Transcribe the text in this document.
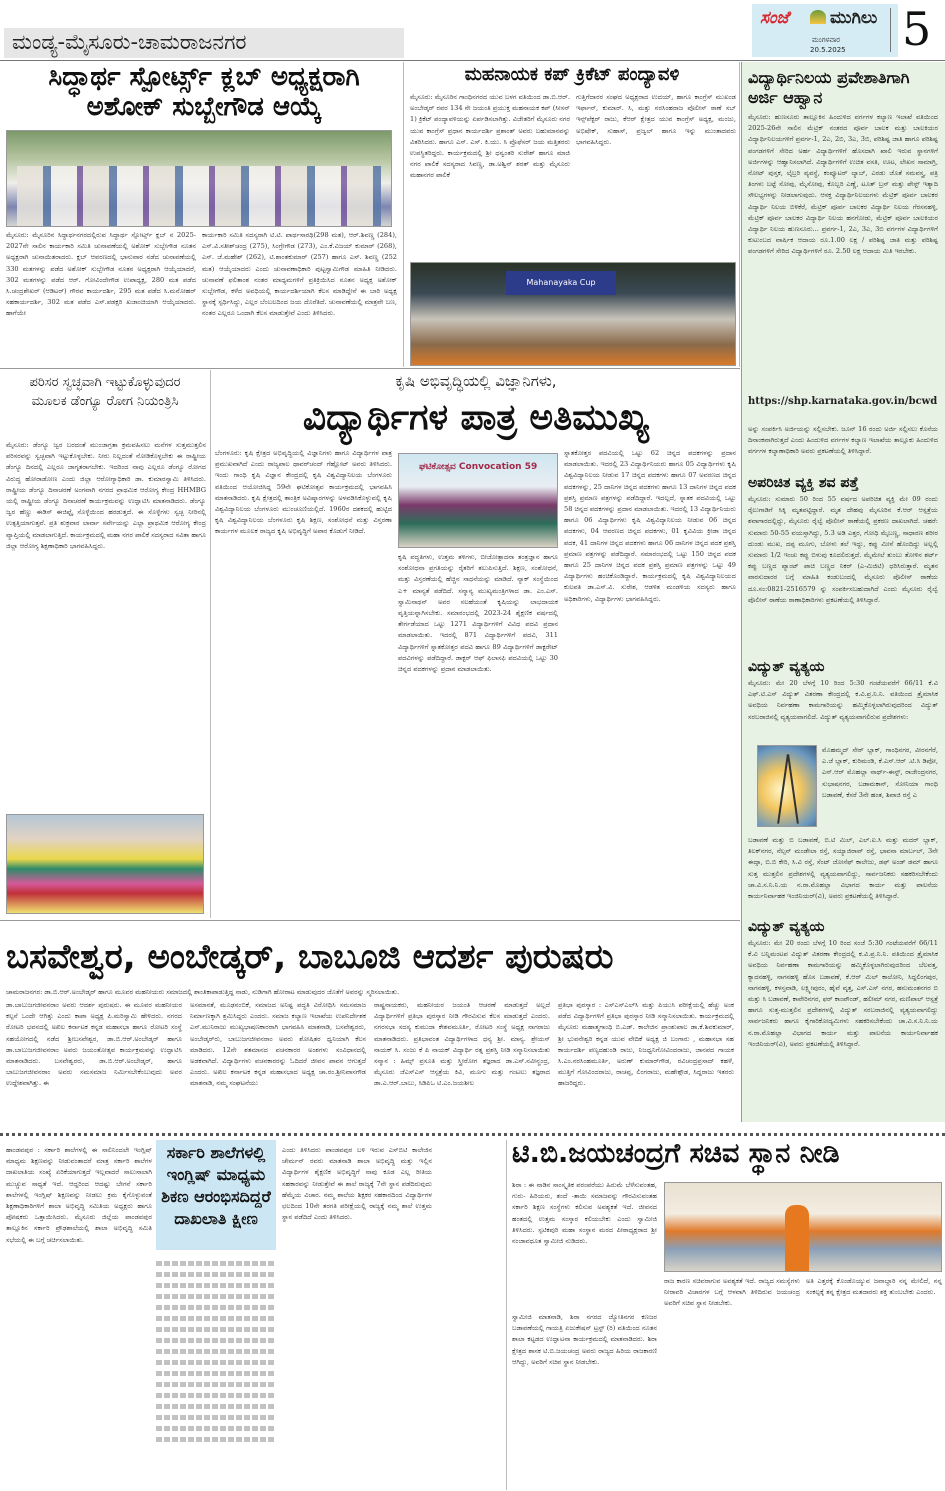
ಮಂಡ್ಯ-ಮೈಸೂರು-ಚಾಮರಾಜನಗರ
ಸಂಜೆ ಮುಗಿಲು
ಮಂಗಳವಾರ
20.5.2025 5
ಸಿದ್ಧಾರ್ಥ ಸ್ಪೋರ್ಟ್ಸ್ ಕ್ಲಬ್ ಅಧ್ಯಕ್ಷರಾಗಿ ಅಶೋಕ್ ಸುಬ್ಬೇಗೌಡ ಆಯ್ಕೆ
ಮೈಸೂರು: ಮೈಸೂರಿನ ಸಿದ್ಧಾರ್ಥನಗರದಲ್ಲಿರುವ ಸಿದ್ಧಾರ್ಥ ಸ್ಪೋರ್ಟ್ಸ್ ಕ್ಲಬ್ ನ 2025-2027ನೇ ಸಾಲಿನ ಕಾರ್ಯಕಾರಿ ಸಮಿತಿ ಚುನಾವಣೆಯಲ್ಲಿ ಅಶೋಕ್ ಸುಬ್ಬೇಗೌಡ ನೂತನ ಅಧ್ಯಕ್ಷರಾಗಿ ಚುನಾಯಿತರಾದರು. ಕ್ಲಬ್ ಆವರಣದಲ್ಲಿ ಭಾನುವಾರ ನಡೆದ ಚುನಾವಣೆಯಲ್ಲಿ 330 ಮತಗಳನ್ನು ಪಡೆದ ಅಶೋಕ್ ಸುಬ್ಬೇಗೌಡ ನೂತನ ಅಧ್ಯಕ್ಷರಾಗಿ ಆಯ್ಕೆಯಾದರೆ, 302 ಮತಗಳನ್ನು ಪಡೆದ ಆರ್. ಗೋವಿಂದೇಗೌಡ ಉಪಾಧ್ಯಕ್ಷ, 280 ಮತ ಪಡೆದ ಸಿ.ಚಂದ್ರಶೇಖರ್ (ಆಡಿಟರ್) ಗೌರವ ಕಾರ್ಯದರ್ಶಿ, 295 ಮತ ಪಡೆದ ಸಿ.ಮನೋಹರ್ ಸಹಕಾರ್ಯದರ್ಶಿ, 302 ಮತ ಪಡೆದ ಎಸ್.ಪಡಕ್ಷರಿ ಖಜಾಂಚಿಯಾಗಿ ಆಯ್ಕೆಯಾದರು. ಹಾಗೆಯೇ
ಕಾರ್ಯಕಾರಿ ಸಮಿತಿ ಸದಸ್ಯರಾಗಿ ಟಿ.ಟಿ. ಪಾರ್ಥಸಾರಥಿ(298 ಮತ), ಆರ್.ಶಿವಣ್ಣ (284), ಎಸ್.ವಿ.ಸತೀಶ್‌ಚಂದ್ರ (275), ಸಿಂಗ್ರೇಗೌಡ (273), ಎಂ.ಕೆ.ವಿಜಯ್ ಕುಮಾರ್ (268), ಎಸ್. ಜೆ.ಮಹೇಶ್ (262), ಟಿ.ಶಾಂತಕುಮಾರ್ (257) ಹಾಗೂ ಎಸ್. ಶಿವಣ್ಣ (252 ಮತ) ಆಯ್ಕೆಯಾದರು ಎಂದು ಚುನಾವಣಾಧಿಕಾರಿ ಪುಟ್ಟಸ್ವಾಮಿಗೌಡ ಮಾಹಿತಿ ನೀಡಿದರು. ಚುನಾವಣೆ ಫಲಿತಾಂಶ ನಂತರ ಮಾಧ್ಯಮಗಳಿಗೆ ಪ್ರತಿಕ್ರಿಯಿಸಿದ ನೂತನ ಅಧ್ಯಕ್ಷ ಅಶೋಕ್ ಸುಬ್ಬೇಗೌಡ, ಕಳೆದ ಅವಧಿಯಲ್ಲಿ ಕಾರ್ಯದರ್ಶಿಯಾಗಿ ಕೆಲಸ ಮಾಡಿದ್ದೇನೆ ಈ ಬಾರಿ ಅಧ್ಯಕ್ಷ ಸ್ಥಾನಕ್ಕೆ ಸ್ಪರ್ಧಿಸಿದ್ದು, ಎಲ್ಲರ ಬೆಂಬಲದಿಂದ ಜಯ ದೊರೆತಿದೆ. ಚುನಾವಣೆಯಲ್ಲಿ ಮಾತ್ರವೇ ಬಣ, ನಂತರ ಎಲ್ಲರೂ ಒಂದಾಗಿ ಕೆಲಸ ಮಾಡುತ್ತೇವೆ ಎಂದು ತಿಳಿಸಿದರು.
ಮಹನಾಯಕ ಕಪ್ ಕ್ರಿಕೆಟ್ ಪಂದ್ಯಾವಳಿ
ಮೈಸೂರು: ಮೈಸೂರಿನ ಗಾಂಧಿನಗರದ ಯುವ ಬಳಗ ವತಿಯಿಂದ ಡಾ.ಬಿ.ಆರ್. ಅಂಬೇಡ್ಕರ್ ರವರ 134 ನೇ ಜಯಂತಿ ಪ್ರಯುಕ್ತ ಮಹನಾಯಕ ಕಪ್ (ಸೀಸನ್ 1) ಕ್ರಿಕೆಟ್ ಪಂದ್ಯಾವಳಿಯನ್ನು ಏರ್ಪಡಿಸಲಾಗಿತ್ತು. ವಿಜೇತರಿಗೆ ಮೈಸೂರು ನಗರ ಯುವ ಕಾಂಗ್ರೆಸ್ ಪ್ರಧಾನ ಕಾರ್ಯದರ್ಶಿ ಪ್ರಶಾಂತ್ ಅವರು ಬಹುಮಾನವನ್ನು ವಿತರಿಸಿದರು. ಹಾಗೂ ಎಸ್. ಎಸ್. ಕಿ.ಯು. ಸಿ ಪ್ರೊಫೆಸರ್ ಜಯ ಮತ್ತಿತರರು ಉಪಸ್ಥಿತರಿದ್ದರು. ಕಾರ್ಯಕ್ರಮದಲ್ಲಿ ಶ್ರೀ ಧನ್ವಂತರಿ ಸುರೇಶ್ ಹಾಗೂ ಮಾಜಿ ನಗರ ಪಾಲಿಕೆ ಸದಸ್ಯರಾದ ಸಿವಣ್ಣ, ಡಾ.ಅಶ್ವಿನ್ ಶರತ್ ಮತ್ತು ಮೈಸೂರು ಮಹಾನಗರ ಪಾಲಿಕೆ
ಗುತ್ತಿಗೆದಾರರ ಸಂಘದ ಅಧ್ಯಕ್ಷರಾದ ಉದಯ್, ಹಾಗೂ ಕಾಂಗ್ರೆಸ್ ಮುಖಂಡ ಇರ್ಫಾನ್, ಕುಮಾರ್. ಸಿ, ಮತ್ತು ನರಸಿಂಹರಾಜ ಪೊಲೀಸ್ ಠಾಣೆ ಸಬ್ ಇನ್ಸ್‌ಪೆಕ್ಟರ್ ರಾಜು, ಕೆಆರ್ ಕ್ಷೇತ್ರದ ಯುವ ಕಾಂಗ್ರೆಸ್ ಅಧ್ಯಕ್ಷ, ಮಂಜು, ಅಭಿಷೇಕ್, ಸುಹಾಸ್, ಪ್ರಜ್ವಲ್ ಹಾಗೂ ಇನ್ನು ಮುಂತಾದವರು ಭಾಗವಹಿಸಿದ್ದರು.
Mahanayaka Cup
ವಿದ್ಯಾರ್ಥಿನಿಲಯ ಪ್ರವೇಶಾತಿಗಾಗಿ ಅರ್ಜಿ ಆಹ್ವಾನ
ಮೈಸೂರು: ಹುಣಸೂರು ತಾಲ್ಲೂಕಿನ ಹಿಂದುಳಿದ ವರ್ಗಗಳ ಕಲ್ಯಾಣ ಇಲಾಖೆ ವತಿಯಿಂದ 2025-26ನೇ ಸಾಲಿನ ಮೆಟ್ರಿಕ್ ನಂತರದ ಪೂರ್ವ ಬಾಲಕ ಮತ್ತು ಬಾಲಕಿಯರ ವಿದ್ಯಾರ್ಥಿನಿಲಯಗಳಿಗೆ ಪ್ರವರ್ಗ-1, 2ಎ, 2ಬಿ, 3ಎ, 3ಬಿ, ಪರಿಶಿಷ್ಟ ಜಾತಿ ಹಾಗೂ ಪರಿಶಿಷ್ಟ ಪಂಗಡಗಳಿಗೆ ಸೇರಿದ ಅರ್ಹ ವಿದ್ಯಾರ್ಥಿಗಳಿಗೆ ಹೊಸದಾಗಿ ಖಾಲಿ ಇರುವ ಸ್ಥಾನಗಳಿಗೆ ಅರ್ಜಿಗಳನ್ನು ಆಹ್ವಾನಿಸಲಾಗಿದೆ. ವಿದ್ಯಾರ್ಥಿಗಳಿಗೆ ಉಚಿತ ವಸತಿ, ಊಟ, ಲೇಖನ ಸಾಮಾಗ್ರಿ, ನೋಟ್ ಪುಸ್ತಕ, ಲೈಬ್ರರಿ ವ್ಯವಸ್ಥೆ, ಕಂಪ್ಯೂಟರ್ ಲ್ಯಾಬ್, ಎರಡು ಜೊತೆ ಸಮವಸ್ತ್ರ, ಪತ್ರಿ ತಿಂಗಳು ಬಟ್ಟೆ ಸೋಪು, ಮೈಸೋಪು, ಕೊಬ್ಬರಿ ಎಣ್ಣೆ, ಟೂತ್ ಬ್ರಸ್ ಮತ್ತು ಪೇಸ್ಟ್ ಇತ್ಯಾದಿ ಸೌಲಭ್ಯಗಳನ್ನು ನೀಡಲಾಗುವುದು. ಆಸಕ್ತ ವಿದ್ಯಾರ್ಥಿನಿಲಯಗಳು ಮೆಟ್ರಿಕ್ ಪೂರ್ವ ಬಾಲಕರ ವಿದ್ಯಾರ್ಥಿ ನಿಲಯ ಬಿಳಿಕೆರೆ, ಮೆಟ್ರಿಕ್ ಪೂರ್ವ ಬಾಲಕರ ವಿದ್ಯಾರ್ಥಿ ನಿಲಯ ಗೆರಸನಹಳ್ಳಿ, ಮೆಟ್ರಿಕ್ ಪೂರ್ವ ಬಾಲಕರ ವಿದ್ಯಾರ್ಥಿ ನಿಲಯ ಹನಗೋಡು, ಮೆಟ್ರಿಕ್ ಪೂರ್ವ ಬಾಲಕಿಯರ ವಿದ್ಯಾರ್ಥಿ ನಿಲಯ ಹುಣಸೂರು... ಪ್ರವರ್ಗ-1, 2ಎ, 3ಎ, 3ಬಿ ವರ್ಗಗಳ ವಿದ್ಯಾರ್ಥಿಗಳಿಗೆ ಕುಟುಂಬದ ವಾರ್ಷಿಕ ಆದಾಯ ರೂ.1.00 ಲಕ್ಷ / ಪರಿಶಿಷ್ಟ ಜಾತಿ ಮತ್ತು ಪರಿಶಿಷ್ಟ ಪಂಗಡಗಳಿಗೆ ಸೇರಿದ ವಿದ್ಯಾರ್ಥಿಗಳಿಗೆ ರೂ. 2.50 ಲಕ್ಷ ಆದಾಯ ಮಿತಿ ಇರಬೇಕು.
https://shp.karnataka.gov.in/bcwd
ಅನ್ನು ಸಂಪರ್ಕಿಸಿ ಅರ್ಜಿಯನ್ನು ಸಲ್ಲಿಸಬೇಕು. ಜೂನ್ 16 ರಂದು ಅರ್ಜಿ ಸಲ್ಲಿಸಲು ಕೊನೆಯ ದಿನಾಂಕವಾಗಿರುತ್ತದೆ ಎಂದು ಹಿಂದುಳಿದ ವರ್ಗಗಳ ಕಲ್ಯಾಣ ಇಲಾಖೆಯ ತಾಲ್ಲೂಕು ಹಿಂದುಳಿದ ವರ್ಗಗಳ ಕಲ್ಯಾಣಾಧಿಕಾರಿ ಅವರು ಪ್ರಕಟಣೆಯಲ್ಲಿ ತಿಳಿಸಿದ್ದಾರೆ.
ಅಪರಿಚಿತ ವ್ಯಕ್ತಿ ಶವ ಪತ್ತೆ
ಮೈಸೂರು: ಸುಮಾರು 50 ರಿಂದ 55 ವರ್ಷದ ಅಪರಿಚಿತ ವ್ಯಕ್ತಿ ಮೇ 09 ರಂದು ರೈಲುಗಾಡಿಗೆ ಸಿಕ್ಕಿ ಮೃತಪಟ್ಟಿದ್ದಾರೆ. ಮೃತ ದೇಹವು ಮೈಸೂರಿನ ಕೆ.ಆರ್ ಆಸ್ಪತ್ರೆಯ ಶವಾಗಾರದಲ್ಲಿದ್ದು, ಮೈಸೂರು ರೈಲ್ವೆ ಪೊಲೀಸ್ ಠಾಣೆಯಲ್ಲಿ ಪ್ರಕರಣ ದಾಖಲಾಗಿದೆ. ಚಹರೆ: ಸುಮಾರು 50-55 ವಯಸ್ಸಾಗಿದ್ದು, 5.3 ಅಡಿ ಎತ್ತರ, ಗೋಧಿ ಮೈಬಣ್ಣ, ಸಾಧಾರಣ ಶರೀರ ದುಂಡು ಮುಖ, ದಪ್ಪ ಮೂಗು, ಬೋಳು ತಲೆ ಇದ್ದು, ಕಪ್ಪು ಮೀಸೆ ಹೊಂದಿದ್ದು ಅಲ್ಲಲ್ಲಿ ಸುಮಾರು 1/2 ಇಂಚು ಕಪ್ಪು ಬಿಳುಪು ಕೂದಲಿರುತ್ತದೆ. ಮೈಮೇಲೆ ತುಂಬು ತೋಳಿನ ಶರ್ಟ್ ಕಪ್ಪು ಬಣ್ಣದ ಪ್ಯಾಂಟ್ ಪಾಚಿ ಬಣ್ಣದ ನಿಕರ್ (ಎ-ಮಿಜಿಟಿ) ಧರಿಸಿರುತ್ತಾರೆ. ಮೃತನ ವಾರಸುದಾರರ ಬಗ್ಗೆ ಮಾಹಿತಿ ಕಂಡುಬಂದಲ್ಲಿ ಮೈಸೂರು ಪೊಲೀಸ್ ಠಾಣೆಯ ದೂ.ಸಂ:0821-2516579 ನ್ನು ಸಂಪರ್ಕಿಸಬಹುದಾಗಿದೆ ಎಂದು ಮೈಸೂರು ರೈಲ್ವೆ ಪೊಲೀಸ್ ಠಾಣೆಯ ಠಾಣಾಧಿಕಾರಿಗಳು ಪ್ರಕಟಣೆಯಲ್ಲಿ ತಿಳಿಸಿದ್ದಾರೆ.
ವಿದ್ಯುತ್ ವ್ಯತ್ಯಯ
ಮೈಸೂರು: ಮೇ 20 ಬೆಳಗ್ಗೆ 10 ರಿಂದ 5:30 ಗಂಟೆಯವರೆಗೆ 66/11 ಕೆ.ವಿ ಎಫ್.ಟಿ.ಎಸ್ ವಿದ್ಯುತ್ ವಿತರಣಾ ಕೇಂದ್ರದಲ್ಲಿ ಕ.ವಿ.ಪ್ರ.ನಿ.ನಿ. ವತಿಯಿಂದ ತ್ರೈಮಾಸಿಕ ಅವಧಿಯ ನಿರ್ವಹಣಾ ಕಾಮಗಾರಿಯನ್ನು ಹಮ್ಮಿಕೊಳ್ಳಲಾಗಿರುವುದರಿಂದ ವಿದ್ಯುತ್ ಸರಬರಾಜಿನಲ್ಲಿ ವ್ಯತ್ಯಯವಾಗಲಿದೆ. ವಿದ್ಯುತ್ ವ್ಯತ್ಯಯವಾಗಲಿರುವ ಪ್ರದೇಶಗಳು:
ಮೊಹಮ್ಮದ್ ಸೇಠ್ ಬ್ಲಾಕ್, ಗಾಂಧಿನಗರ, ವೀರನಗೆರೆ, ಎ.ಜೆ ಬ್ಲಾಕ್, ಕುರಿಮಂಡಿ, ಕೆ.ಎಸ್.ಆರ್ .ಟಿ.ಸಿ ಡಿಪೋ, ಎನ್.ಆರ್ ಮೊಹಲ್ಲಾ ನಾರ್ಥ್-ಈಸ್ಟ್, ರಾಜೇಂದ್ರನಗರ, ಸುಭಾಷನಗರ, ಬಡಾಮಕಾನ್, ಸೋನಿಯಾ ಗಾಂಧಿ ಬಡಾವಣೆ, ಕೆಸರೆ 3ನೇ ಹಂತ, ಶಿವಾಜಿ ರಸ್ತೆ ಎ
ಬಡಾವಣೆ ಮತ್ತು ಬಿ ಬಡಾವಣೆ, ಬಿ.ಟಿ ಮಿಲ್, ಎಲ್.ಐ.ಸಿ ಮತ್ತು ಮದರ್ ಬ್ಲಾಕ್, ತಿಲಕ್‌ನಗರ, ನೆಲ್ಸನ್ ಮಂಡೇಲಾ ರಸ್ತೆ, ಸಯ್ಯಾಜಿರಾವ್ ರಸ್ತೆ, ಭಾವನಾ ಮಾರ್ಬಲ್, 3ನೇ ಈದ್ಗಾ, ಬಿ.ಬಿ ಕೇರಿ, ಸಿ.ವಿ ರಸ್ತೆ, ಸೆಂಟ್ ಜೋಸೆಫ್ ಕಾಲೇಜು, ಡಫ್ ಅಂಡ್ ಡಮ್ ಹಾಗೂ ಸುತ್ತ ಮುತ್ತಲಿನ ಪ್ರದೇಶಗಳಲ್ಲಿ ವ್ಯತ್ಯಯವಾಗಲಿದ್ದು, ಸಾರ್ವಜನಿಕರು ಸಹಕರಿಸಬೇಕೆಂದು ಚಾ.ವಿ.ಸ.ನಿ.ನಿ.ಯ ನ.ರಾ.ಮೊಹಲ್ಲಾ ವಿಭಾಗದ ಕಾರ್ಯ ಮತ್ತು ಪಾಲನೆಯ ಕಾರ್ಯನಿರ್ವಾಹಕ ಇಂಜಿನಿಯರ್(ವಿ), ಅವರು ಪ್ರಕಟಣೆಯಲ್ಲಿ ತಿಳಿಸಿದ್ದಾರೆ.
ವಿದ್ಯುತ್ ವ್ಯತ್ಯಯ
ಮೈಸೂರು: ಮೇ 20 ರಂದು ಬೆಳಗ್ಗೆ 10 ರಿಂದ ಸಂಜೆ 5:30 ಗಂಟೆಯವರೆಗೆ 66/11 ಕೆ.ವಿ ಬನ್ನಿಮಂಟಪ ವಿದ್ಯುತ್ ವಿತರಣಾ ಕೇಂದ್ರದಲ್ಲಿ ಕ.ವಿ.ಪ್ರ.ನಿ.ನಿ. ವತಿಯಿಂದ ತ್ರೈಮಾಸಿಕ ಅವಧಿಯ ನಿರ್ವಹಣಾ ಕಾಮಗಾರಿಯನ್ನು ಹಮ್ಮಿಕೊಳ್ಳಲಾಗಿರುವುದರಿಂದ ಬೆಲವತ್ತ, ಕ್ಯಾದನಹಳ್ಳಿ, ನಾಗನಹಳ್ಳಿ ಹೊಸ ಬಡಾವಣೆ, ಕೆ.ಆರ್ ಮಿಲ್ ಕಾಲೋನಿ, ಸಿದ್ದಲಿಂಗಪುರ, ನಾಗನಹಳ್ಳಿ, ಕಳಸ್ತವಾಡಿ, ಲಕ್ಷ್ಮೀಪುರಂ, ಹೈವೆ ವೃತ್ತ, ಎಸ್.ಎಸ್ ನಗರ, ಹನುಮಂತನಗರ ಬಿ ಮತ್ತು ಸಿ ಬಡಾವಣೆ, ಕಾವೇರಿನಗರ, ಫರ್ ಕಾಂಪೌಂಡ್, ಹಲೀಮ್ ನಗರ, ಮಣಿಪಾಲ್ ಆಸ್ಪತ್ರೆ ಹಾಗೂ ಸುತ್ತ-ಮುತ್ತಲಿನ ಪ್ರದೇಶಗಳಲ್ಲಿ ವಿದ್ಯುತ್ ಸರಬರಾಜಿನಲ್ಲಿ ವ್ಯತ್ಯಯವಾಗಲಿದ್ದು ಸಾರ್ವಜನಿಕರು ಹಾಗೂ ಕೈಗಾರಿಕೋದ್ಯಮಿಗಳು ಸಹಕರಿಸಬೇಕೆಂದು ಚಾ.ವಿ.ಸ.ನಿ.ನಿ.ಯ ನ.ರಾ.ಮೊಹಲ್ಲಾ ವಿಭಾಗದ ಕಾರ್ಯ ಮತ್ತು ಪಾಲನೆಯ ಕಾರ್ಯನಿರ್ವಾಹಕ ಇಂಜಿನಿಯರ್(ವಿ), ಅವರು ಪ್ರಕಟಣೆಯಲ್ಲಿ ತಿಳಿಸಿದ್ದಾರೆ.
ಪರಿಸರ ಸ್ವಚ್ಛವಾಗಿ ಇಟ್ಟುಕೊಳ್ಳುವುದರ ಮೂಲಕ ಡೆಂಗ್ಯೂ ರೋಗ ನಿಯಂತ್ರಿಸಿ
ಮೈಸೂರು: ಡೆಂಗ್ಯೂ ಜ್ವರ ಬರದಂತೆ ಮುಂಜಾಗ್ರತಾ ಕ್ರಮವಹಿಸಲು ಮನೆಗಳ ಸುತ್ತಮುತ್ತಲಿನ ಪರಿಸರವನ್ನು ಸ್ವಚ್ಛವಾಗಿ ಇಟ್ಟುಕೊಳ್ಳಬೇಕು. ನೀರು ನಿಲ್ಲದಂತೆ ನೋಡಿಕೊಳ್ಳಬೇಕು ಈ ರಾಷ್ಟ್ರೀಯ ಡೆಂಗ್ಯೂ ದಿನದಲ್ಲಿ ಎಲ್ಲರೂ ಜಾಗೃತರಾಗಬೇಕು. ಇದರಿಂದ ನಾವು ಎಲ್ಲರೂ ಡೆಂಗ್ಯೂ ರೋಗದ ವಿರುದ್ಧ ಹೋರಾಡೋಣ ಎಂದು ಜಿಲ್ಲಾ ಆರೋಗ್ಯಾಧಿಕಾರಿ ಡಾ. ಕುಮಾರಸ್ವಾಮಿ ತಿಳಿಸಿದರು. ರಾಷ್ಟ್ರೀಯ ಡೆಂಗ್ಯೂ ದಿನಾಚರಣೆ ಅಂಗವಾಗಿ ನಗರದ ಪ್ರಾಥಮಿಕ ಆರೋಗ್ಯ ಕೇಂದ್ರ HHMBG ಯಲ್ಲಿ ರಾಷ್ಟ್ರೀಯ ಡೆಂಗ್ಯೂ ದಿನಾಚರಣೆ ಕಾರ್ಯಕ್ರಮವನ್ನು ಉದ್ಘಾಟಿಸಿ ಮಾತನಾಡಿದರು. ಡೆಂಗ್ಯೂ ಜ್ವರ ಹೆಣ್ಣು ಈಡಿಸ್ ಈಜಿಪ್ಟೈ ಸೊಳ್ಳೆಯಿಂದ ಹರಡುತ್ತದೆ. ಈ ಸೊಳ್ಳೆಗಳು ಸ್ವಚ್ಛ ನೀರಿನಲ್ಲಿ ಉತ್ಪತ್ತಿಯಾಗುತ್ತವೆ. ಪ್ರತಿ ಶುಕ್ರವಾರ ಲಾರ್ವಾ ಸರ್ವೇಯನ್ನು ಎಲ್ಲಾ ಪ್ರಾಥಮಿಕ ಆರೋಗ್ಯ ಕೇಂದ್ರ ವ್ಯಾಪ್ತಿಯಲ್ಲಿ ಮಾಡಲಾಗುತ್ತಿದೆ. ಕಾರ್ಯಕ್ರಮದಲ್ಲಿ ಮಹಾ ನಗರ ಪಾಲಿಕೆ ಸದಸ್ಯರಾದ ಸವಿತಾ ಹಾಗೂ ಜಿಲ್ಲಾ ಆರೋಗ್ಯ ಶಿಕ್ಷಣಾಧಿಕಾರಿ ಭಾಗವಹಿಸಿದ್ದರು.
ಕೃಷಿ ಅಭಿವೃದ್ಧಿಯಲ್ಲಿ ವಿಜ್ಞಾನಿಗಳು,
ವಿದ್ಯಾರ್ಥಿಗಳ ಪಾತ್ರ ಅತಿಮುಖ್ಯ
ಬೆಂಗಳೂರು: ಕೃಷಿ ಕ್ಷೇತ್ರದ ಅಭಿವೃದ್ಧಿಯಲ್ಲಿ ವಿಜ್ಞಾನಿಗಳು ಹಾಗೂ ವಿದ್ಯಾರ್ಥಿಗಳ ಪಾತ್ರ ಪ್ರಮುಖವಾಗಿದೆ ಎಂದು ರಾಜ್ಯಪಾಲ ಥಾವರ್‌ಚಂದ್ ಗೆಹ್ಲೋಟ್ ಅವರು ತಿಳಿಸಿದರು. ಇಂದು ಗಾಂಧಿ ಕೃಷಿ ವಿಜ್ಞಾನ ಕೇಂದ್ರದಲ್ಲಿ ಕೃಷಿ ವಿಶ್ವವಿದ್ಯಾನಿಲಯ ಬೆಂಗಳೂರು ವತಿಯಿಂದ ಆಯೋಜಿಸಿದ್ದ 59ನೇ ಘಟಿಕೋತ್ಸವ ಕಾರ್ಯಕ್ರಮದಲ್ಲಿ ಭಾಗವಹಿಸಿ ಮಾತನಾಡಿದರು. ಕೃಷಿ ಕ್ಷೇತ್ರದಲ್ಲಿ ತಾಂತ್ರಿಕ ಅವಿಷ್ಕಾರಗಳನ್ನು ಅಳವಡಿಸಿಕೊಳ್ಳುವಲ್ಲಿ ಕೃಷಿ ವಿಶ್ವವಿದ್ಯಾನಿಲಯ ಬೆಂಗಳೂರು ಮುಂಚೂಣಿಯಲ್ಲಿದೆ. 1960ರ ದಶಕದಲ್ಲಿ ಹುಟ್ಟಿದ ಕೃಷಿ ವಿಶ್ವವಿದ್ಯಾನಿಲಯ ಬೆಂಗಳೂರು ಕೃಷಿ ಶಿಕ್ಷಣ, ಸಂಶೋಧನೆ ಮತ್ತು ವಿಸ್ತರಣಾ ಕಾರ್ಯಗಳ ಮೂಲಕ ರಾಜ್ಯದ ಕೃಷಿ ಅಭಿವೃದ್ಧಿಗೆ ಅಪಾರ ಕೊಡುಗೆ ನೀಡಿದೆ.
ಘಟಿಕೋತ್ಸವ Convocation 59
ಕೃಷಿ ಪದ್ಧತಿಗಳು, ಉತ್ತಮ ತಳಿಗಳು, ಬೀಜೋತ್ಪಾದನಾ ತಂತ್ರಜ್ಞಾನ ಹಾಗೂ ಸಂಶೋಧನಾ ಪ್ರಗತಿಯನ್ನು ರೈತರಿಗೆ ತಲುಪಿಸುತ್ತಿದೆ. ಶಿಕ್ಷಣ, ಸಂಶೋಧನೆ, ಮತ್ತು ವಿಸ್ತರಣೆಯಲ್ಲಿ ಹೆಚ್ಚಿನ ಸಾಧನೆಯನ್ನು ಮಾಡಿದೆ. ನ್ಯಾಕ್ ಸಂಸ್ಥೆಯಿಂದ ಎ+ ಮಾನ್ಯತೆ ಪಡೆದಿದೆ. ಸನ್ಮಾನ್ಯ ಮುಖ್ಯಮಂತ್ರಿಗಳಾದ ಡಾ. ಎಂ.ಎಸ್. ಸ್ವಾಮಿನಾಥನ್ ಅವರ ಸಲಹೆಯಂತೆ ಕೃಷಿಯನ್ನು ಲಾಭದಾಯಕ ವೃತ್ತಿಯನ್ನಾಗಿಸಬೇಕು. ಸಮಾರಂಭದಲ್ಲಿ 2023-24 ಶೈಕ್ಷಣಿಕ ವರ್ಷದಲ್ಲಿ ತೇರ್ಗಡೆಯಾದ ಒಟ್ಟು 1271 ವಿದ್ಯಾರ್ಥಿಗಳಿಗೆ ವಿವಿಧ ಪದವಿ ಪ್ರದಾನ ಮಾಡಲಾಯಿತು. ಇದರಲ್ಲಿ 871 ವಿದ್ಯಾರ್ಥಿಗಳಿಗೆ ಪದವಿ, 311 ವಿದ್ಯಾರ್ಥಿಗಳಿಗೆ ಸ್ನಾತಕೋತ್ತರ ಪದವಿ ಹಾಗೂ 89 ವಿದ್ಯಾರ್ಥಿಗಳಿಗೆ ಡಾಕ್ಟರೇಟ್ ಪದವಿಗಳನ್ನು ಪಡೆದಿದ್ದಾರೆ. ಡಾಕ್ಟರ್ ಆಫ್ ಫಿಲಾಸಫಿ ಪದವಿಯಲ್ಲಿ ಒಟ್ಟು 30 ಚಿನ್ನದ ಪದಕಗಳನ್ನು ಪ್ರದಾನ ಮಾಡಲಾಯಿತು.
ಸ್ನಾತಕೋತ್ತರ ಪದವಿಯಲ್ಲಿ ಒಟ್ಟು 62 ಚಿನ್ನದ ಪದಕಗಳನ್ನು ಪ್ರದಾನ ಮಾಡಲಾಯಿತು. ಇದರಲ್ಲಿ 23 ವಿದ್ಯಾರ್ಥಿನಿಯರು ಹಾಗೂ 05 ವಿದ್ಯಾರ್ಥಿಗಳು ಕೃಷಿ ವಿಶ್ವವಿದ್ಯಾನಿಲಯ ನೀಡುವ 17 ಚಿನ್ನದ ಪದಕಗಳು ಹಾಗೂ 07 ಅವರಣದ ಚಿನ್ನದ ಪದಕಗಳನ್ನು, 25 ದಾನಿಗಳ ಚಿನ್ನದ ಪದಕಗಳು ಹಾಗೂ 13 ದಾನಿಗಳ ಚಿನ್ನದ ಪದಕ ಪ್ರಶಸ್ತಿ ಪ್ರಮಾಣ ಪತ್ರಗಳನ್ನು ಪಡೆದಿದ್ದಾರೆ. ಇದಲ್ಲದೆ, ಸ್ನಾತಕ ಪದವಿಯಲ್ಲಿ ಒಟ್ಟು 58 ಚಿನ್ನದ ಪದಕಗಳನ್ನು ಪ್ರದಾನ ಮಾಡಲಾಯಿತು. ಇದರಲ್ಲಿ 13 ವಿದ್ಯಾರ್ಥಿನಿಯರು ಹಾಗೂ 06 ವಿದ್ಯಾರ್ಥಿಗಳು ಕೃಷಿ ವಿಶ್ವವಿದ್ಯಾನಿಲಯ ನೀಡುವ 06 ಚಿನ್ನದ ಪದಕಗಳು, 04 ಆವರಣದ ಚಿನ್ನದ ಪದಕಗಳು, 01 ಕೃವಿವಿಯ ಕ್ರೀಡಾ ಚಿನ್ನದ ಪದಕ, 41 ದಾನಿಗಳ ಚಿನ್ನದ ಪದಕಗಳು ಹಾಗೂ 06 ದಾನಿಗಳ ಚಿನ್ನದ ಪದಕ ಪ್ರಶಸ್ತಿ ಪ್ರಮಾಣ ಪತ್ರಗಳನ್ನು ಪಡೆದಿದ್ದಾರೆ. ಸಮಾರಂಭದಲ್ಲಿ ಒಟ್ಟು 150 ಚಿನ್ನದ ಪದಕ ಹಾಗೂ 25 ದಾನಿಗಳ ಚಿನ್ನದ ಪದಕ ಪ್ರಶಸ್ತಿ ಪ್ರಮಾಣ ಪತ್ರಗಳನ್ನು ಒಟ್ಟು 49 ವಿದ್ಯಾರ್ಥಿಗಳು ಹಂಚಿಕೊಂಡಿದ್ದಾರೆ. ಕಾರ್ಯಕ್ರಮದಲ್ಲಿ ಕೃಷಿ ವಿಶ್ವವಿದ್ಯಾನಿಲಯದ ಕುಲಪತಿ ಡಾ.ಎಸ್.ವಿ. ಸುರೇಶ, ಆಡಳಿತ ಮಂಡಳಿಯ ಸದಸ್ಯರು ಹಾಗೂ ಅಧಿಕಾರಿಗಳು, ವಿದ್ಯಾರ್ಥಿಗಳು ಭಾಗವಹಿಸಿದ್ದರು.
ಬಸವೇಶ್ವರ, ಅಂಬೇಡ್ಕರ್, ಬಾಬೂಜಿ ಆದರ್ಶ ಪುರುಷರು
ಚಾಮರಾಜನಗರ: ಡಾ.ಬಿ.ಆರ್.ಅಂಬೇಡ್ಕರ್ ಹಾಗೂ ಮೂವರ ಮಹನೀಯರು ಸಮಾಜದಲ್ಲಿ ಶಾಂತಿಕಾಪಾಡುತ್ತಿದ್ದ ನಾಡು, ನುಡಿಗಾಗಿ ಹೋರಾಟ ಮಾಡುವುದರ ಜೊತೆಗೆ ಅವರನ್ನು ಸ್ಮರಿಸಲಾಯಿತು.
ಡಾ.ಬಾಬುಜಗಜೀವನರಾಂ ಅವರು ಆದರ್ಶ ಪುರುಷರು. ಈ ಮೂವರ ಮಹನೀಯರ ಕಲ್ಪನೆ ಒಂದೇ ಆಗಿತ್ತು ಎಂದು ಕಾಪಾ ಅಧ್ಯಕ್ಷ ಪಿ.ಮರಿಸ್ವಾಮಿ ಹೇಳಿದರು. ನಗರದ ರೋಟರಿ ಭವನದಲ್ಲಿ ಅಖಿಲ ಕರ್ನಾಟಕ ಕನ್ನಡ ಮಹಾಸಭಾ ಹಾಗೂ ರೋಟರಿ ಸಂಸ್ಥೆ ಸಹಯೋಗದಲ್ಲಿ ನಡೆದ ಶ್ರೀಬಸವೇಶ್ವರ, ಡಾ.ಬಿ.ಆರ್.ಅಂಬೇಡ್ಕರ್ ಹಾಗೂ ಡಾ.ಬಾಬುಜಗಜೀವನರಾಂ ಅವರು ಜಯಂತೋತ್ಸವ ಕಾರ್ಯಕ್ರಮವನ್ನು ಉದ್ಘಾಟಿಸಿ ಮಾತನಾಡಿದರು. ಬಸವೇಶ್ವರರು, ಡಾ.ಬಿ.ಆರ್.ಅಂಬೇಡ್ಕರ್, ಹಾಗೂ ಬಾಬುಜಗಜೀವನರಾಂ ಅವರು ಸಮಸಮಾಜ ನಿರ್ಮಿಸಬೇಕೆಂಬುವುದು ಅವರ ಉದ್ದೇಶವಾಗಿತ್ತು. ಈ
ಅಸಮಾನತೆ, ಮೂಢನಂಬಿಕೆ, ಸಮಾಜದ ಅನಿಷ್ಟ ಪದ್ಧತಿ ವಿರೋಧಿಸಿ ಸಮಸಮಾಜ ನಿರ್ಮಾಣಕ್ಕಾಗಿ ಶ್ರಮಿಸಿದ್ದರು ಎಂದರು. ಸಮಾಜ ಕಲ್ಯಾಣ ಇಲಾಖೆಯ ಉಪನಿರ್ದೇಶಕ ಎಸ್.ಮುನಿರಾಜು ಮುಖ್ಯಭಾಷಣಕಾರರಾಗಿ ಭಾಗವಹಿಸಿ ಮಾತನಾಡಿ, ಬಸವೇಶ್ವರರು, ಅಂಬೇಡ್ಕರ್‌ರು, ಬಾಬುಜಗಜೀವನರಾಂ ಅವರು ಶೋಷಿತರ ಧ್ವನಿಯಾಗಿ ಕೆಲಸ ಮಾಡಿದರು. 12ನೇ ಶತಮಾನದ ವಚನಕಾರರ ಅಂಶಗಳು ಸಂವಿಧಾನದಲ್ಲಿ ಅಡಕವಾಗಿದೆ. ವಿದ್ಯಾರ್ಥಿಗಳು ವಚನಕಾರರನ್ನು ಓದಿದರೆ ಜೀವನ ಪಾವನ ಆಗುತ್ತದೆ ಎಂದರು. ಅಖಿಲ ಕರ್ನಾಟಕ ಕನ್ನಡ ಮಹಾಸಭಾದ ಅಧ್ಯಕ್ಷ ಚಾ.ರಂ.ಶ್ರೀನಿವಾಸಗೌಡ ಮಾತನಾಡಿ, ನಮ್ಮ ಸಂಘಟನೆಯು
ರಾಷ್ಟ್ರನಾಯಕರು, ಮಹನೀಯರ ಜಯಂತಿ ಆಚರಣೆ ಮಾಡುತ್ತದೆ ಅಲ್ಲದೆ ವಿದ್ಯಾರ್ಥಿಗಳಿಗೆ ಪ್ರತಿಭಾ ಪುರಸ್ಕಾರ ನೀಡಿ ಗೌರವಿಸುವ ಕೆಲಸ ಮಾಡುತ್ತದೆ ಎಂದರು. ನಗರಸಭಾ ಸದಸ್ಯ ಕುಮುದಾ ಕೇಶವಮೂರ್ತಿ, ರೋಟರಿ ಸಂಸ್ಥೆ ಅಧ್ಯಕ್ಷ ನಾಗರಾಜು ಮಾತನಾಡಿದರು. ಪ್ರತಿಭಾವಂತ ವಿದ್ಯಾರ್ಥಿಗಳಾದ ಧನ್ಯ ಶ್ರೀ. ಮಾನ್ಯ. ಶ್ರೇಯಸ್ ನಾಯಕ್ ಸಿ. ಸಂಜು ಕೆ ಪಿ ನಾಯಕ್ ವಿದ್ಯಾರ್ಥಿ ರತ್ನ ಪ್ರಶಸ್ತಿ ನೀಡಿ ಸನ್ಮಾನಿಸಲಾಯಿತು ಸನ್ಮಾನ : ಹಿಮ್ಸ್ ಪ್ರಸೂತಿ ಮತ್ತು ಸ್ತ್ರೀರೋಗ ತಜ್ಞರಾದ ಡಾ.ಎಸ್.ನವೀನ್ಚಂದ್ರ, ಮೈಸೂರು ಜೆಎಸ್‌ಎಸ್ ಆಸ್ಪತ್ರೆಯ ಕಿವಿ, ಮೂಗು ಮತ್ತು ಗಂಟಲು ತಜ್ಞರಾದ ಡಾ.ಎ.ಆರ್.ಬಾಬು, ಸಿಡಿಪಿಒ ಟಿ.ಎಂ.ಜಯಶೀಲ
ಪ್ರತಿಭಾ ಪುರಸ್ಕಾರ : ಎಸ್‌ಎಸ್‌ಎಲ್‌ಸಿ ಮತ್ತು ಪಿಯುಸಿ ಪರೀಕ್ಷೆಯಲ್ಲಿ ಹೆಚ್ಚು ಅಂಕ ಪಡೆದ ವಿದ್ಯಾರ್ಥಿಗಳಿಗೆ ಪ್ರತಿಭಾ ಪುರಸ್ಕಾರ ನೀಡಿ ಸನ್ಮಾನಿಸಲಾಯಿತು. ಕಾರ್ಯಕ್ರಮದಲ್ಲಿ ಮೈಸೂರು ಮಹಾತ್ಮಗಾಂಧಿ ಬಿ.ಎಡ್. ಕಾಲೇಜಿನ ಪ್ರಾಂಶುಪಾಲ ಡಾ.ಕೆ.ಶಿವಕುಮಾರ್, ಶ್ರೀ ಭುವನೇಶ್ವರಿ ಕನ್ನಡ ಯುವ ವೇದಿಕೆ ಅಧ್ಯಕ್ಷ ಜಿ ಬಂಗಾರು , ಮಹಾಸಭಾ ಸಹ ಕಾರ್ಯದರ್ಶಿ ಪಣ್ಯದಹುಂಡಿ ರಾಜು, ನಿಜಧ್ವನಿಗೋವಿಂದರಾಜು, ಜಾನಪದ ಗಾಯಕ ಸಿ.ಎಂ.ನರಸಿಂಹಮೂರ್ತಿ, ಅರುಣ್ ಕುಮಾರ್‌ಗೌಡ, ರವಿಚಂದ್ರಪ್ರಸಾದ್ ಕಹಳೆ, ಮುತ್ತಿಗೆ ಗೋವಿಂದರಾಜು, ರಾಚಪ್ಪ, ಲಿಂಗರಾಜು, ಮಹೇಶ್ಗೌಡ, ಸಿದ್ದರಾಜು ಇತರರು ಹಾಜರಿದ್ದರು.
ಹಾಂಡವಪುರ : ಸರ್ಕಾರಿ ಶಾಲೆಗಳಲ್ಲಿ ಈ ಸಾಲಿನಿಂದಲೇ ಇಂಗ್ಲಿಷ್ ಮಾಧ್ಯಮ ಶಿಕ್ಷಣವನ್ನು ನೀಡುವಂತಾದರೆ ಮಾತ್ರ ಸರ್ಕಾರಿ ಶಾಲೆಗಳ ದಾಖಲಾತಿಯ ಸಂಖ್ಯೆ ಏರಿಕೆಯಾಗುತ್ತದೆ ಇಲ್ಲವಾದರೆ ಸಾಲುಸಾಲಾಗಿ ಮುಚ್ಚುವ ಸಾಧ್ಯತೆ ಇದೆ. ಆದ್ದರಿಂದ ಆದಷ್ಟು ಬೇಗನೆ ಸರ್ಕಾರಿ ಶಾಲೆಗಳಲ್ಲಿ ಇಂಗ್ಲಿಷ್ ಶಿಕ್ಷಣವನ್ನು ನೀಡಲು ಕ್ರಮ ಕೈಗೊಳ್ಳುವಂತೆ ಶಿಕ್ಷಣಾಧಿಕಾರಿಗಳಿಗೆ ಶಾಲಾ ಅಭಿವೃದ್ಧಿ ಸಮಿತಿಯ ಅಧ್ಯಕ್ಷರು ಹಾಗೂ ಪೋಷಕರು ಒತ್ತಾಯಿಸಿದರು. ಮೈಸೂರು ಜಿಲ್ಲೆಯ ಪಾಂಡವಪುರ ತಾಲ್ಲೂಕಿನ ಸರ್ಕಾರಿ ಪ್ರೌಢಶಾಲೆಯಲ್ಲಿ ಶಾಲಾ ಅಭಿವೃದ್ಧಿ ಸಮಿತಿ ಸಭೆಯಲ್ಲಿ ಈ ಬಗ್ಗೆ ಚರ್ಚಿಸಲಾಯಿತು.
ಸರ್ಕಾರಿ ಶಾಲೆಗಳಲ್ಲಿ ಇಂಗ್ಲಿಷ್ ಮಾಧ್ಯಮ ಶಿಕಣ ಆರಂಭಿಸದಿದ್ದರೆ ದಾಖಲಾತಿ ಕ್ಷೀಣ
ಎಂದು ತಿಳಿಸಿದರು ಪಾಂಡವಪುರ ಬಳಿ ಇರುವ ಎಸ್‌ಬಿಟಿ ಕಾಲೇಜಿನ ಚೇರ್ಮನ್ ರವರು ಮಾತನಾಡಿ ಶಾಲಾ ಅಭಿವೃದ್ಧಿ ಮತ್ತು ಇಲ್ಲಿನ ವಿದ್ಯಾರ್ಥಿಗಳ ಶೈಕ್ಷಣಿಕ ಅಭಿವೃದ್ಧಿಗೆ ನಾವು ಕೂಡ ಎಲ್ಲ ರೀತಿಯ ಸಹಕಾರವನ್ನು ನೀಡುತ್ತೇವೆ ಈ ಶಾಲೆ ರಾಜ್ಯಕ್ಕೆ 7ನೇ ಸ್ಥಾನ ಪಡೆದಿರುವುದು ಹೆಮ್ಮೆಯ ವಿಚಾರ. ನಮ್ಮ ಶಾಲೆಯ ಶಿಕ್ಷಕರ ಸಹಕಾರದಿಂದ ವಿದ್ಯಾರ್ಥಿಗಳ ಛಲದಿಂದ 10ನೇ ತರಗತಿ ಪರೀಕ್ಷೆಯಲ್ಲಿ ರಾಜ್ಯಕ್ಕೆ ನಮ್ಮ ಶಾಲೆ ಉತ್ತಮ ಸ್ಥಾನ ಪಡೆದಿದೆ ಎಂದು ತಿಳಿಸಿದರು.
ಟಿ.ಬಿ.ಜಯಚಂದ್ರಗೆ ಸಚಿವ ಸ್ಥಾನ ನೀಡಿ
ಶಿರಾ : ಈ ನಾಡಿನ ಸಾಂಸ್ಕೃತಿಕ ಪರಂಪರೆಯು ಹಿರುಮೆ ಬೆಳೆಸುವಂತಹ, ಗುರು- ಹಿರಿಯರು, ತಂದೆ -ತಾಯಿ ಸಮಾಜವನ್ನು ಗೌರವಿಸುವಂತಹ ಸರ್ಕಾರಿ ಶಿಕ್ಷಣ ಸಂಸ್ಥೆಗಳು ಕಲಿಸುವ ಅವಶ್ಯಕತೆ ಇದೆ. ಜೀವನದ ಹಂತದಲ್ಲಿ ಉತ್ತಮ ಸಂಸ್ಕಾರ ಕಲಿಯಬೇಕು ಎಂದು ಸ್ವಾಮೀಜಿ ತಿಳಿಸಿದರು. ಸ್ಪಟಿಕಪುರಿ ಮಹಾ ಸಂಸ್ಥಾನ ಮಠದ ಪೀಠಾಧ್ಯಕ್ಷರಾದ ಶ್ರೀ ನಂಜಾವಧೂತ ಸ್ವಾಮೀಜಿ ನುಡಿದರು.
ಸ್ವಾಮೀಜಿ ಮಾತನಾಡಿ, ಶಿರಾ ನಗರದ ಜ್ಯೋತಿನಗರ ಕಣಜರ ಬಡಾವಣೆಯಲ್ಲಿ ಗಾಯತ್ರಿ ಏಜುಕೇಷನ್ ಟ್ರಸ್ಟ್ (ರಿ) ವತಿಯಿಂದ ನೂತನ ಶಾಲಾ ಕಟ್ಟಡದ ಉದ್ಘಾಟನಾ ಕಾರ್ಯಕ್ರಮದಲ್ಲಿ ಮಾತನಾಡಿದರು. ಶಿರಾ ಕ್ಷೇತ್ರದ ಶಾಸಕ ಟಿ.ಬಿ.ಜಯಚಂದ್ರ ಅವರು ರಾಜ್ಯದ ಹಿರಿಯ ರಾಜಕಾರಣಿ ಆಗಿದ್ದು, ಅವರಿಗೆ ಸಚಿವ ಸ್ಥಾನ ನೀಡಬೇಕು.
ರಾಜ ಕಾರಣ ಸಚಿವರಾಗುವ ಅವಶ್ಯಕತೆ ಇದೆ. ರಾಜ್ಯದ ಸಮಸ್ಯೆಗಳು ನೀರಾವರಿ ವಿಚಾರಗಳ ಬಗ್ಗೆ ಆಳವಾಗಿ ತಿಳಿದಿರುವ ಜಯಚಂದ್ರ ಅವರಿಗೆ ಸಚಿವ ಸ್ಥಾನ ನೀಡಬೇಕು.
ಅತಿ ಎತ್ತರಕ್ಕೆ ಕೊಂಡೊಯ್ಯುವ ಜವಾಬ್ದಾರಿ ನನ್ನ ಮೇಲಿದೆ, ನನ್ನ ಸಂಕಲ್ಪಕ್ಕೆ ತನ್ನ ಕ್ಷೇತ್ರದ ಮತದಾರರು ಶಕ್ತಿ ತುಂಬಬೇಕು ಎಂದರು.
